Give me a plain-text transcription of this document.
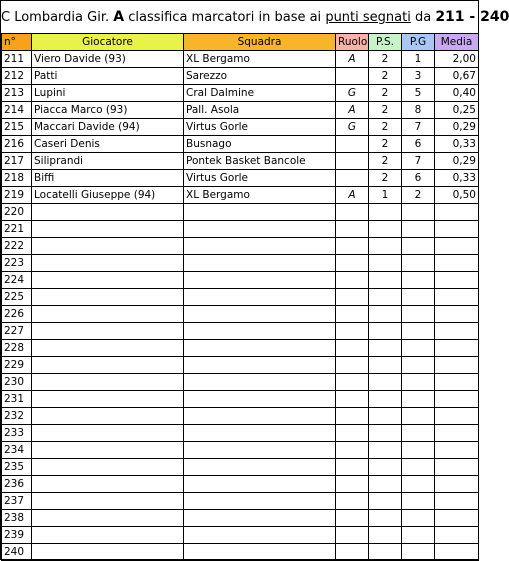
C Lombardia Gir. A classifica marcatori in base ai punti segnati da 211 - 240
n°	Giocatore	Squadra	Ruolo	P.S.	P.G	Media
211	Viero Davide (93)	XL Bergamo	A	2	1	2,00
212	Patti	Sarezzo		2	3	0,67
213	Lupini	Cral Dalmine	G	2	5	0,40
214	Piacca Marco (93)	Pall. Asola	A	2	8	0,25
215	Maccari Davide (94)	Virtus Gorle	G	2	7	0,29
216	Caseri Denis	Busnago		2	6	0,33
217	Siliprandi	Pontek Basket Bancole		2	7	0,29
218	Biffi	Virtus Gorle		2	6	0,33
219	Locatelli Giuseppe (94)	XL Bergamo	A	1	2	0,50
220						
221						
222						
223						
224						
225						
226						
227						
228						
229						
230						
231						
232						
233						
234						
235						
236						
237						
238						
239						
240						
